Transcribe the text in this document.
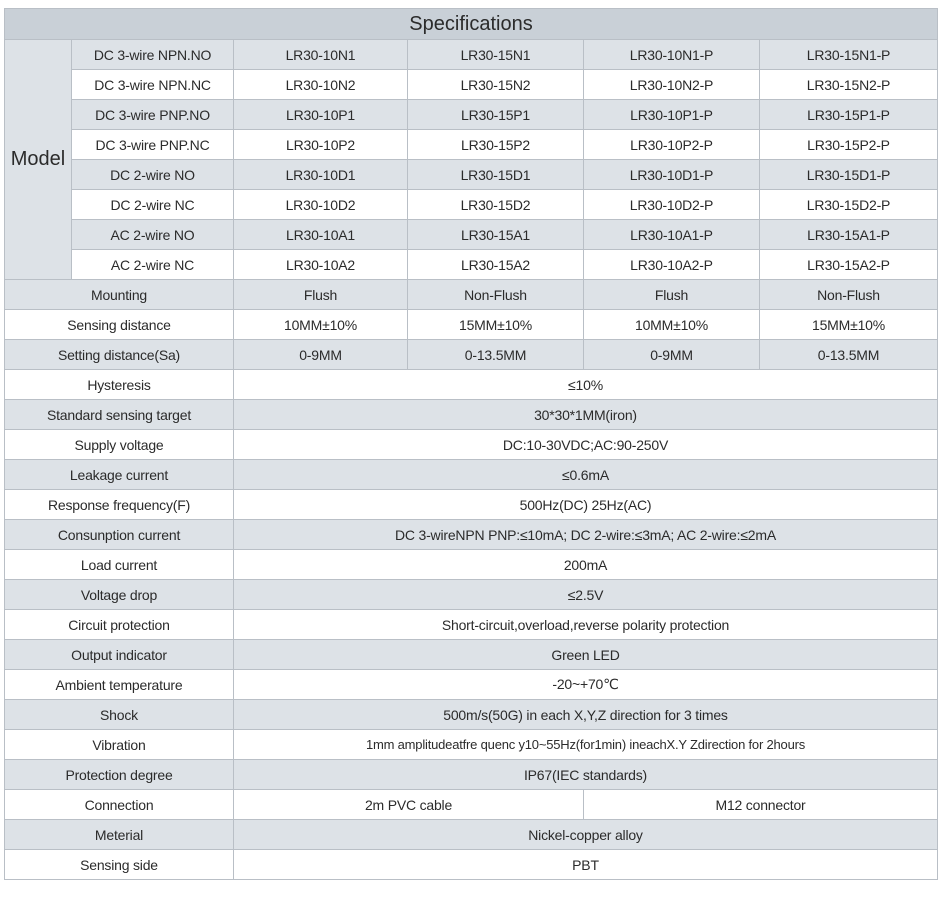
Specifications					
Model	DC 3-wire NPN.NO	LR30-10N1	LR30-15N1	LR30-10N1-P	LR30-15N1-P
	DC 3-wire NPN.NC	LR30-10N2	LR30-15N2	LR30-10N2-P	LR30-15N2-P
	DC 3-wire PNP.NO	LR30-10P1	LR30-15P1	LR30-10P1-P	LR30-15P1-P
	DC 3-wire PNP.NC	LR30-10P2	LR30-15P2	LR30-10P2-P	LR30-15P2-P
	DC 2-wire NO	LR30-10D1	LR30-15D1	LR30-10D1-P	LR30-15D1-P
	DC 2-wire NC	LR30-10D2	LR30-15D2	LR30-10D2-P	LR30-15D2-P
	AC 2-wire NO	LR30-10A1	LR30-15A1	LR30-10A1-P	LR30-15A1-P
	AC 2-wire NC	LR30-10A2	LR30-15A2	LR30-10A2-P	LR30-15A2-P
Mounting		Flush	Non-Flush	Flush	Non-Flush
Sensing distance		10MM±10%	15MM±10%	10MM±10%	15MM±10%
Setting distance(Sa)		0-9MM	0-13.5MM	0-9MM	0-13.5MM
Hysteresis		≤10%			
Standard sensing target		30*30*1MM(iron)			
Supply voltage		DC:10-30VDC;AC:90-250V			
Leakage current		≤0.6mA			
Response frequency(F)		500Hz(DC) 25Hz(AC)			
Consunption current		DC 3-wireNPN PNP:≤10mA; DC 2-wire:≤3mA; AC 2-wire:≤2mA			
Load current		200mA			
Voltage drop		≤2.5V			
Circuit protection		Short-circuit,overload,reverse polarity protection			
Output indicator		Green LED			
Ambient temperature		-20~+70℃			
Shock		500m/s(50G) in each X,Y,Z direction for 3 times			
Vibration		1mm amplitudeatfre quenc y10~55Hz(for1min) ineachX.Y Zdirection for 2hours			
Protection degree		IP67(IEC standards)			
Connection		2m PVC cable		M12 connector	
Meterial		Nickel-copper alloy			
Sensing side		PBT			
